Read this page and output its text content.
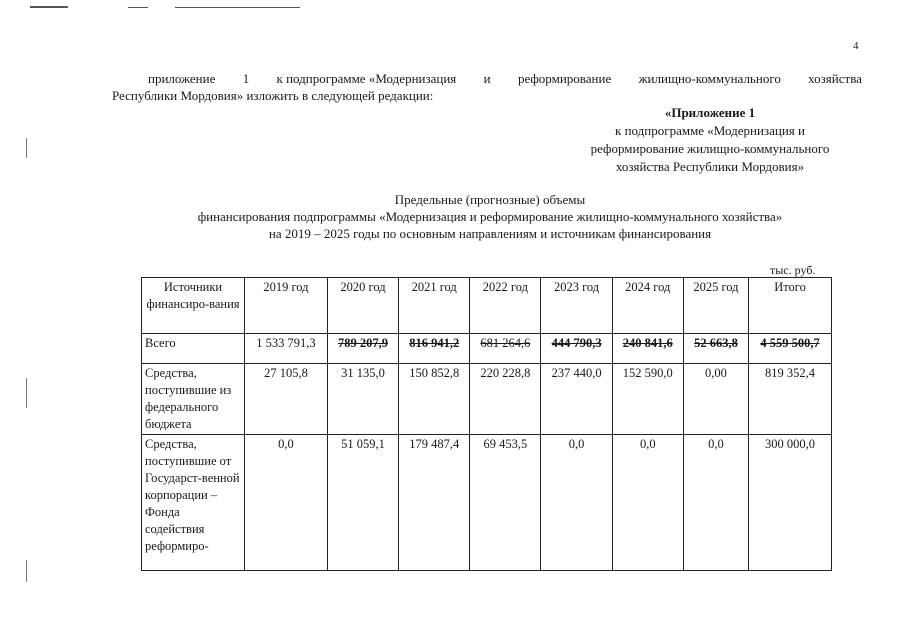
4
приложение 1 к подпрограмме «Модернизация и реформирование жилищно-коммунального хозяйства
Республики Мордовия» изложить в следующей редакции:
«Приложение 1
к подпрограмме «Модернизация и
реформирование жилищно-коммунального
хозяйства Республики Мордовия»
Предельные (прогнозные) объемы
финансирования подпрограммы «Модернизация и реформирование жилищно-коммунального хозяйства»
на 2019 – 2025 годы по основным направлениям и источникам финансирования
тыс. руб.
Источники финансиро-вания	2019 год	2020 год	2021 год	2022 год	2023 год	2024 год	2025 год	Итого
Всего	1 533 791,3	789 207,9	816 941,2	681 264,6	444 790,3	240 841,6	52 663,8	4 559 500,7
Средства, поступившие из федерального бюджета	27 105,8	31 135,0	150 852,8	220 228,8	237 440,0	152 590,0	0,00	819 352,4
Средства, поступившие от Государст-венной корпорации – Фонда содействия реформиро-	0,0	51 059,1	179 487,4	69 453,5	0,0	0,0	0,0	300 000,0
